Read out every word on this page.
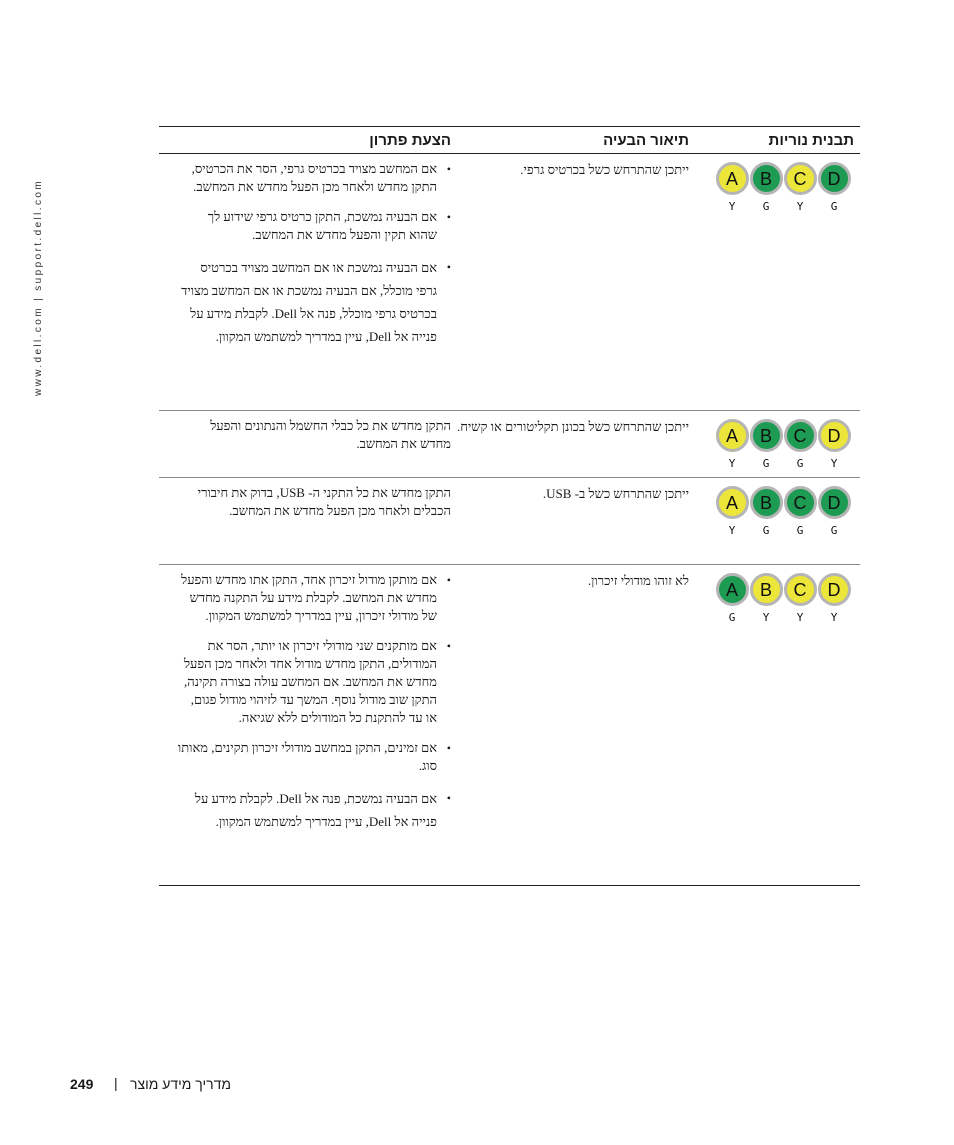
www.dell.com | support.dell.com
תבנית נוריות
תיאור הבעיה
הצעת פתרון
A
Y
B
G
C
Y
D
G
ייתכן שהתרחש כשל בכרטיס גרפי.
• אם המחשב מצויד בכרטיס גרפי, הסר את הכרטיס, התקן מחדש ולאחר מכן הפעל מחדש את המחשב.
• אם הבעיה נמשכת, התקן כרטיס גרפי שידוע לך שהוא תקין והפעל מחדש את המחשב.
• אם הבעיה נמשכת או אם המחשב מצויד בכרטיס גרפי מוכלל, אם הבעיה נמשכת או אם המחשב מצויד בכרטיס גרפי מוכלל, פנה אל Dell. לקבלת מידע על פנייה אל Dell, עיין במדריך למשתמש המקוון.
A
Y
B
G
C
G
D
Y
ייתכן שהתרחש כשל בכונן תקליטורים או קשיח.
התקן מחדש את כל כבלי החשמל והנתונים והפעל מחדש את המחשב.
A
Y
B
G
C
G
D
G
ייתכן שהתרחש כשל ב- USB.
התקן מחדש את כל התקני ה- USB, בדוק את חיבורי הכבלים ולאחר מכן הפעל מחדש את המחשב.
A
G
B
Y
C
Y
D
Y
לא זוהו מודולי זיכרון.
• אם מותקן מודול זיכרון אחד, התקן אתו מחדש והפעל מחדש את המחשב. לקבלת מידע על התקנה מחדש של מודולי זיכרון, עיין במדריך למשתמש המקוון.
• אם מותקנים שני מודולי זיכרון או יותר, הסר את המודולים, התקן מחדש מודול אחד ולאחר מכן הפעל מחדש את המחשב. אם המחשב עולה בצורה תקינה, התקן שוב מודול נוסף. המשך עד לזיהוי מודול פגום, או עד להתקנת כל המודולים ללא שגיאה.
• אם זמינים, התקן במחשב מודולי זיכרון תקינים, מאותו סוג.
• אם הבעיה נמשכת, פנה אל Dell. לקבלת מידע על פנייה אל Dell, עיין במדריך למשתמש המקוון.
249 | מדריך מידע מוצר
